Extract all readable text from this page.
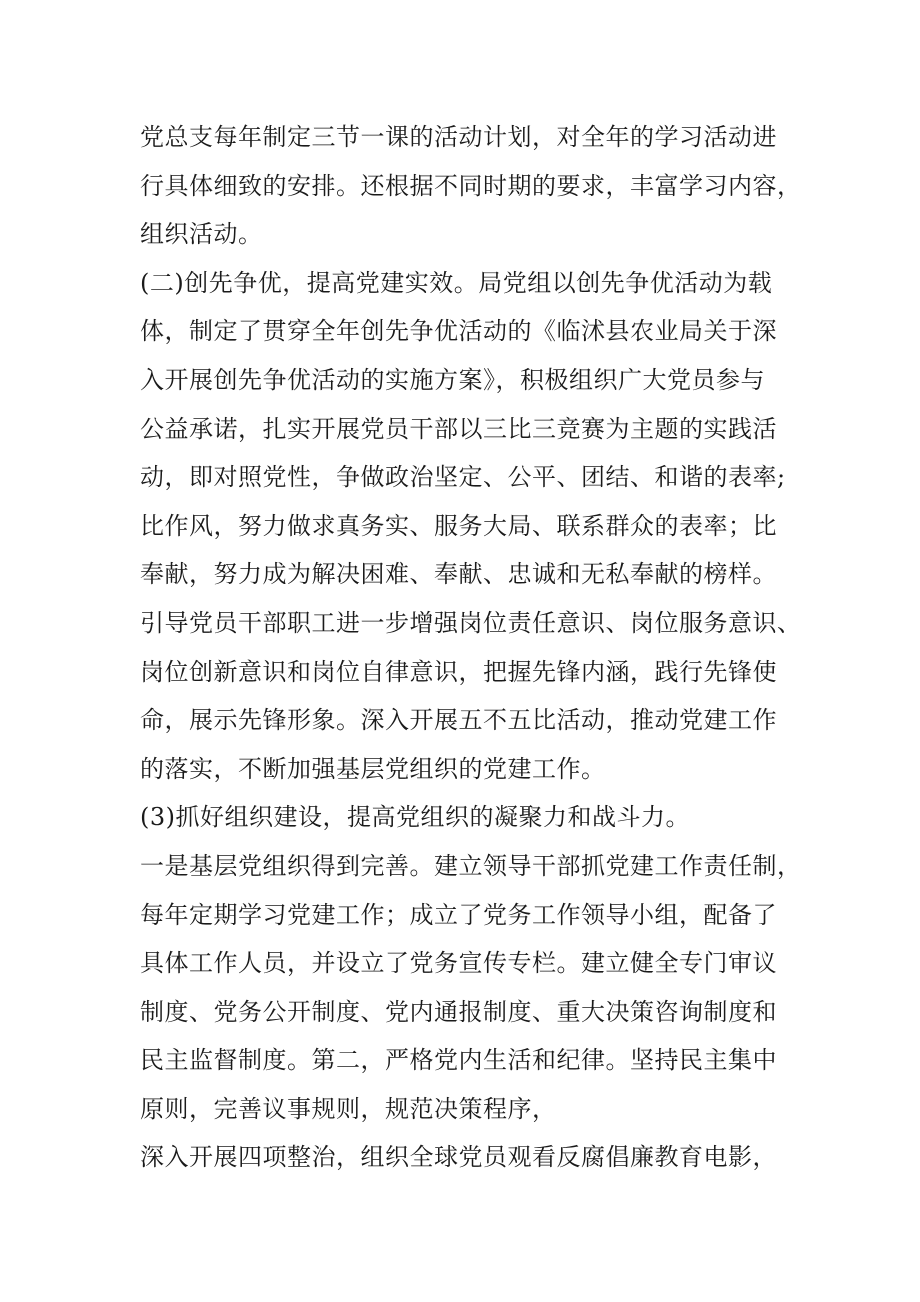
党总支每年制定三节一课的活动计划，对全年的学习活动进
行具体细致的安排。还根据不同时期的要求，丰富学习内容，
组织活动。
(二)创先争优，提高党建实效。局党组以创先争优活动为载
体，制定了贯穿全年创先争优活动的《临沭县农业局关于深
入开展创先争优活动的实施方案》，积极组织广大党员参与
公益承诺，扎实开展党员干部以三比三竞赛为主题的实践活
动，即对照党性，争做政治坚定、公平、团结、和谐的表率;
比作风，努力做求真务实、服务大局、联系群众的表率；比
奉献，努力成为解决困难、奉献、忠诚和无私奉献的榜样。
引导党员干部职工进一步增强岗位责任意识、岗位服务意识、
岗位创新意识和岗位自律意识，把握先锋内涵，践行先锋使
命，展示先锋形象。深入开展五不五比活动，推动党建工作
的落实，不断加强基层党组织的党建工作。
(3)抓好组织建设，提高党组织的凝聚力和战斗力。
一是基层党组织得到完善。建立领导干部抓党建工作责任制，
每年定期学习党建工作；成立了党务工作领导小组，配备了
具体工作人员，并设立了党务宣传专栏。建立健全专门审议
制度、党务公开制度、党内通报制度、重大决策咨询制度和
民主监督制度。第二，严格党内生活和纪律。坚持民主集中
原则，完善议事规则，规范决策程序，
深入开展四项整治，组织全球党员观看反腐倡廉教育电影，
